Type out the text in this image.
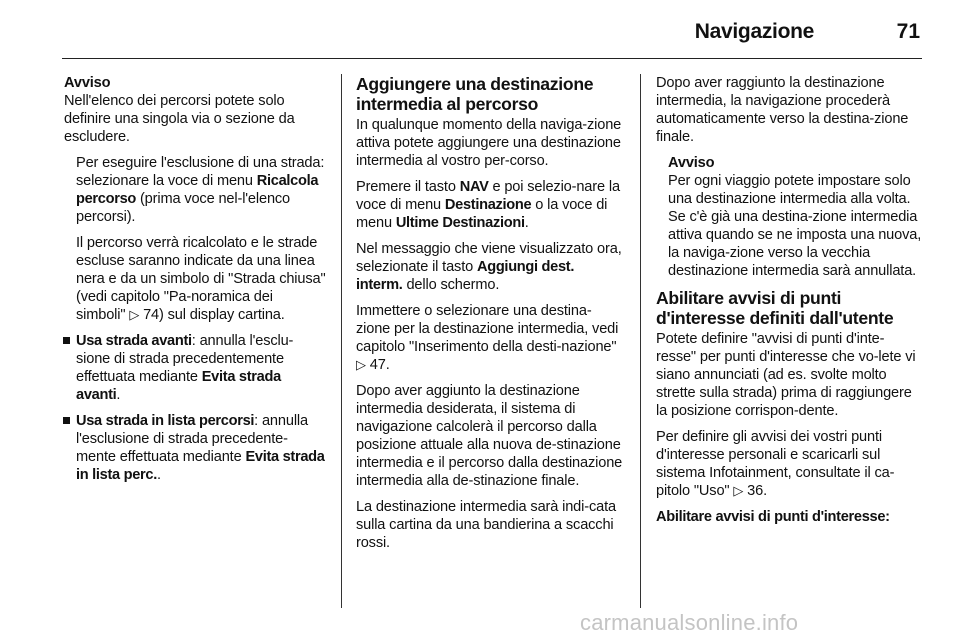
Navigazione	71

Avviso
Nell'elenco dei percorsi potete solo definire una singola via o sezione da escludere.

Per eseguire l'esclusione di una strada: selezionare la voce di menu Ricalcola percorso (prima voce nel-l'elenco percorsi).

Il percorso verrà ricalcolato e le strade escluse saranno indicate da una linea nera e da un simbolo di "Strada chiusa" (vedi capitolo "Pa-noramica dei simboli" ▷ 74) sul display cartina.

Usa strada avanti: annulla l'esclu-sione di strada precedentemente effettuata mediante Evita strada avanti.
Usa strada in lista percorsi: annulla l'esclusione di strada precedente-mente effettuata mediante Evita strada in lista perc..
Aggiungere una destinazione intermedia al percorso

In qualunque momento della naviga-zione attiva potete aggiungere una destinazione intermedia al vostro per-corso.

Premere il tasto NAV e poi selezio-nare la voce di menu Destinazione o la voce di menu Ultime Destinazioni.

Nel messaggio che viene visualizzato ora, selezionate il tasto Aggiungi dest. interm. dello schermo.

Immettere o selezionare una destina-zione per la destinazione intermedia, vedi capitolo "Inserimento della desti-nazione" ▷ 47.

Dopo aver aggiunto la destinazione intermedia desiderata, il sistema di navigazione calcolerà il percorso dalla posizione attuale alla nuova de-stinazione intermedia e il percorso dalla destinazione intermedia alla de-stinazione finale.

La destinazione intermedia sarà indi-cata sulla cartina da una bandierina a scacchi rossi.

Dopo aver raggiunto la destinazione intermedia, la navigazione procederà automaticamente verso la destina-zione finale.

Avviso
Per ogni viaggio potete impostare solo una destinazione intermedia alla volta. Se c'è già una destina-zione intermedia attiva quando se ne imposta una nuova, la naviga-zione verso la vecchia destinazione intermedia sarà annullata.

Abilitare avvisi di punti d'interesse definiti dall'utente

Potete definire "avvisi di punti d'inte-resse" per punti d'interesse che vo-lete vi siano annunciati (ad es. svolte molto strette sulla strada) prima di raggiungere la posizione corrispon-dente.

Per definire gli avvisi dei vostri punti d'interesse personali e scaricarli sul sistema Infotainment, consultate il ca-pitolo "Uso" ▷ 36.

Abilitare avvisi di punti d'interesse:

carmanualsonline.info
